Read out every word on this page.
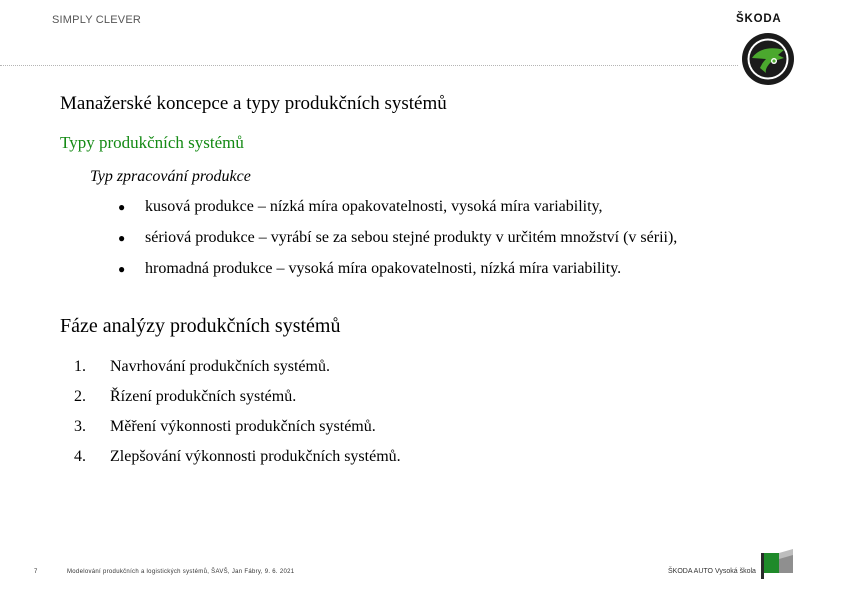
SIMPLY CLEVER	ŠKODA
Manažerské koncepce a typy produkčních systémů
Typy produkčních systémů
Typ zpracování produkce
●	kusová produkce – nízká míra opakovatelnosti, vysoká míra variability,
●	sériová produkce – vyrábí se za sebou stejné produkty v určitém množství (v sérii),
●	hromadná produkce – vysoká míra opakovatelnosti, nízká míra variability.
Fáze analýzy produkčních systémů
1.	Navrhování produkčních systémů.
2.	Řízení produkčních systémů.
3.	Měření výkonnosti produkčních systémů.
4.	Zlepšování výkonnosti produkčních systémů.
7	Modelování produkčních a logistických systémů, ŠAVŠ, Jan Fábry, 9. 6. 2021	ŠKODA AUTO Vysoká škola
